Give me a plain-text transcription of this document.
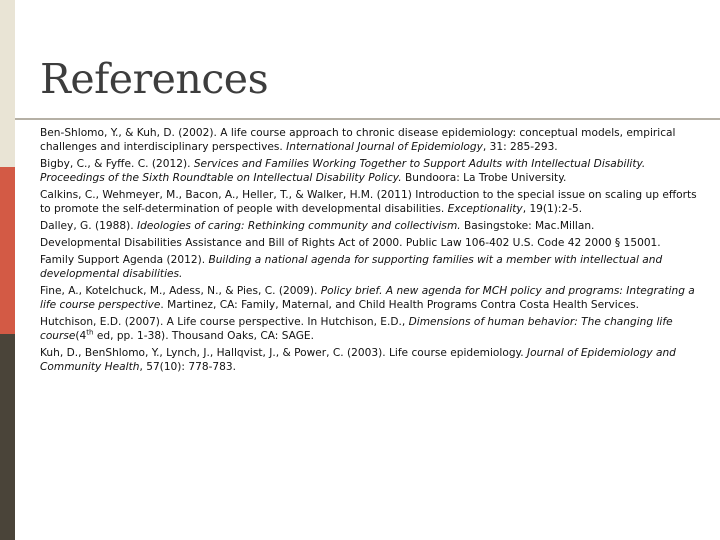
References

Ben-Shlomo, Y., & Kuh, D. (2002). A life course approach to chronic disease epidemiology: conceptual models, empirical challenges and interdisciplinary perspectives. International Journal of Epidemiology, 31: 285-293.

Bigby, C., & Fyffe. C. (2012). Services and Families Working Together to Support Adults with Intellectual Disability. Proceedings of the Sixth Roundtable on Intellectual Disability Policy. Bundoora: La Trobe University.

Calkins, C., Wehmeyer, M., Bacon, A., Heller, T., & Walker, H.M. (2011) Introduction to the special issue on scaling up efforts to promote the self-determination of people with developmental disabilities. Exceptionality, 19(1):2-5.

Dalley, G. (1988). Ideologies of caring: Rethinking community and collectivism. Basingstoke: Mac.Millan.

Developmental Disabilities Assistance and Bill of Rights Act of 2000. Public Law 106-402 U.S. Code 42 2000 § 15001.

Family Support Agenda (2012). Building a national agenda for supporting families wit a member with intellectual and developmental disabilities.

Fine, A., Kotelchuck, M., Adess, N., & Pies, C. (2009). Policy brief. A new agenda for MCH policy and programs: Integrating a life course perspective. Martinez, CA: Family, Maternal, and Child Health Programs Contra Costa Health Services.

Hutchison, E.D. (2007). A Life course perspective. In Hutchison, E.D., Dimensions of human behavior: The changing life course(4th ed, pp. 1-38). Thousand Oaks, CA: SAGE.

Kuh, D., BenShlomo, Y., Lynch, J., Hallqvist, J., & Power, C. (2003). Life course epidemiology. Journal of Epidemiology and Community Health, 57(10): 778-783.
